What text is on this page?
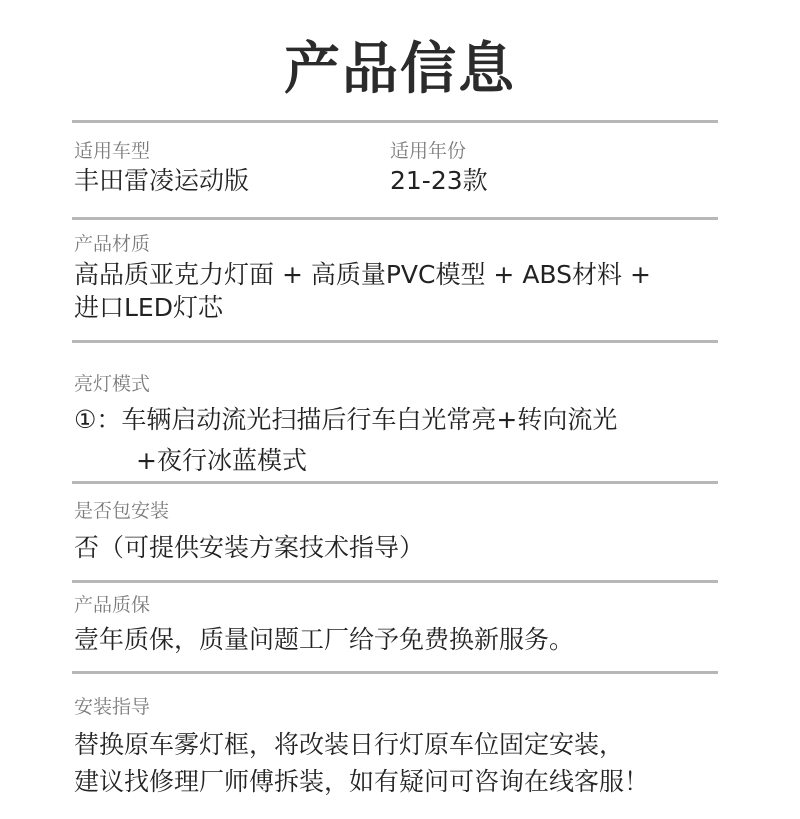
产品信息
适用车型
丰田雷凌运动版
适用年份
21-23款
产品材质
高品质亚克力灯面 + 高质量PVC模型 + ABS材料 +
进口LED灯芯
亮灯模式
①：车辆启动流光扫描后行车白光常亮+转向流光
+夜行冰蓝模式
是否包安装
否（可提供安装方案技术指导）
产品质保
壹年质保，质量问题工厂给予免费换新服务。
安装指导
替换原车雾灯框，将改装日行灯原车位固定安装，
建议找修理厂师傅拆装，如有疑问可咨询在线客服！
